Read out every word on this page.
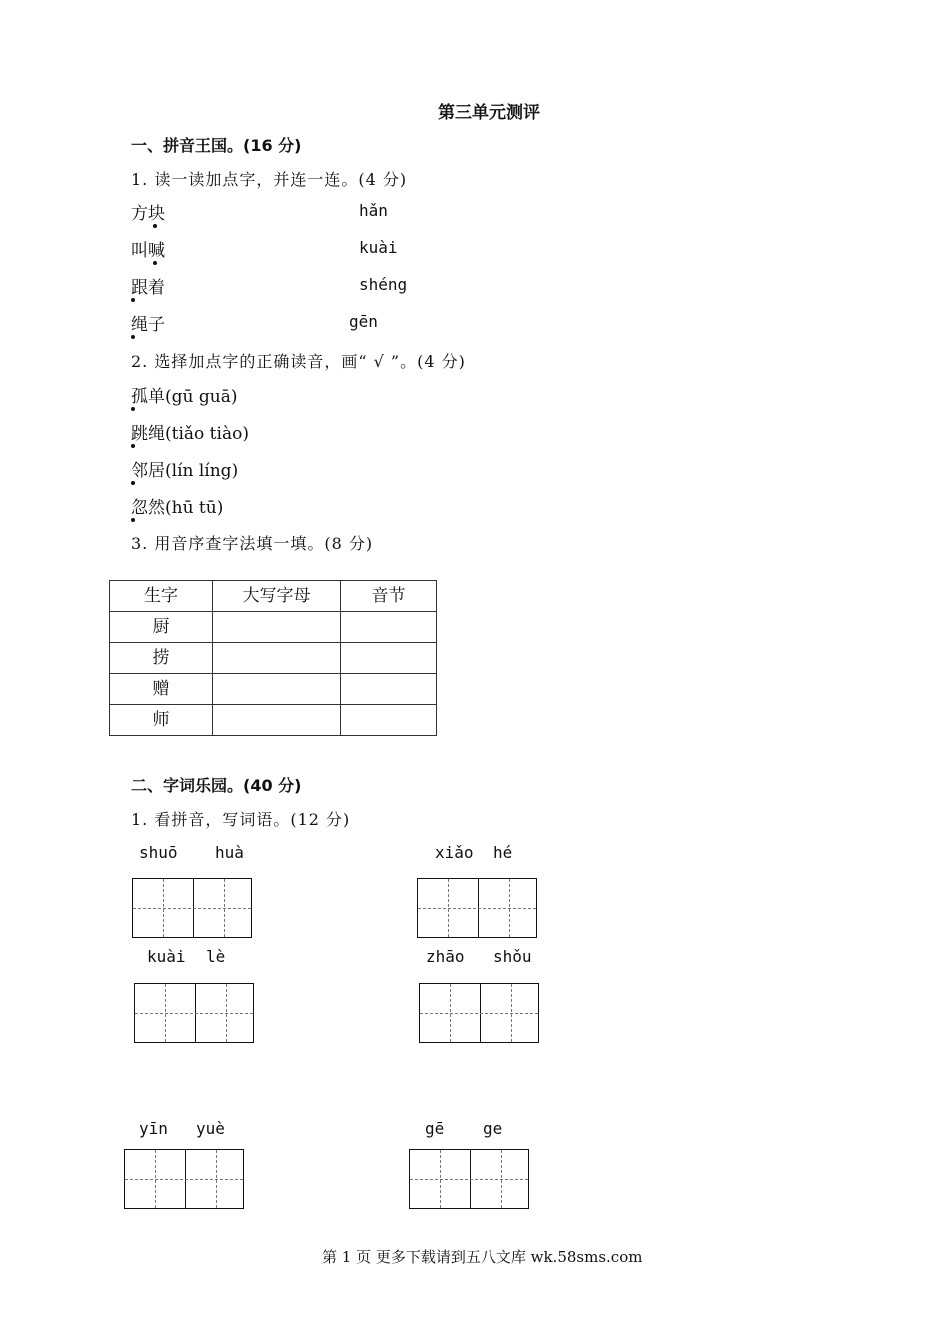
第三单元测评
一、拼音王国。(16 分)
1. 读一读加点字，并连一连。(4 分)
方块
叫喊
跟着
绳子
hǎn
kuài
shéng
gēn
2. 选择加点字的正确读音，画“ √ ”。(4 分)
孤单(gū guā)
跳绳(tiǎo tiào)
邻居(lín líng)
忽然(hū tū)
3. 用音序查字法填一填。(8 分)
生字	大写字母	音节
厨		
捞		
赠		
师		
二、字词乐园。(40 分)
1. 看拼音，写词语。(12 分)
shuō huà	xiǎo hé
kuài lè	zhāo shǒu
yīn yuè	gē ge
第 1 页 更多下载请到五八文库 wk.58sms.com
